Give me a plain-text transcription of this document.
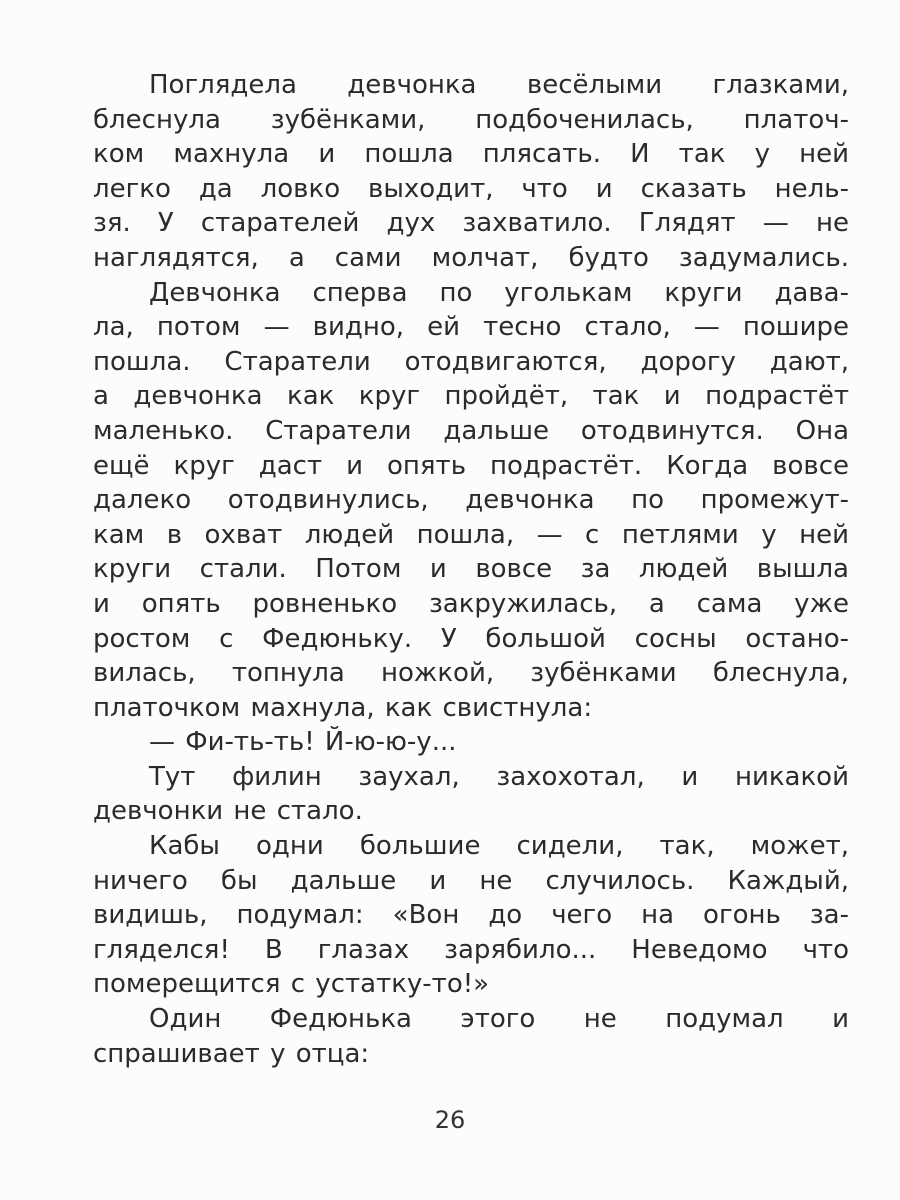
Поглядела девчонка весёлыми глазками,
блеснула зубёнками, подбоченилась, платоч-
ком махнула и пошла плясать. И так у ней
легко да ловко выходит, что и сказать нель-
зя. У старателей дух захватило. Глядят — не
наглядятся, а сами молчат, будто задумались.
Девчонка сперва по уголькам круги дава-
ла, потом — видно, ей тесно стало, — пошире
пошла. Старатели отодвигаются, дорогу дают,
а девчонка как круг пройдёт, так и подрастёт
маленько. Старатели дальше отодвинутся. Она
ещё круг даст и опять подрастёт. Когда вовсе
далеко отодвинулись, девчонка по промежут-
кам в охват людей пошла, — с петлями у ней
круги стали. Потом и вовсе за людей вышла
и опять ровненько закружилась, а сама уже
ростом с Федюньку. У большой сосны остано-
вилась, топнула ножкой, зубёнками блеснула,
платочком махнула, как свистнула:
— Фи-ть-ть! Й-ю-ю-у...
Тут филин заухал, захохотал, и никакой
девчонки не стало.
Кабы одни большие сидели, так, может,
ничего бы дальше и не случилось. Каждый,
видишь, подумал: «Вон до чего на огонь за-
гляделся! В глазах зарябило... Неведомо что
померещится с устатку-то!»
Один Федюнька этого не подумал и
спрашивает у отца:
26
